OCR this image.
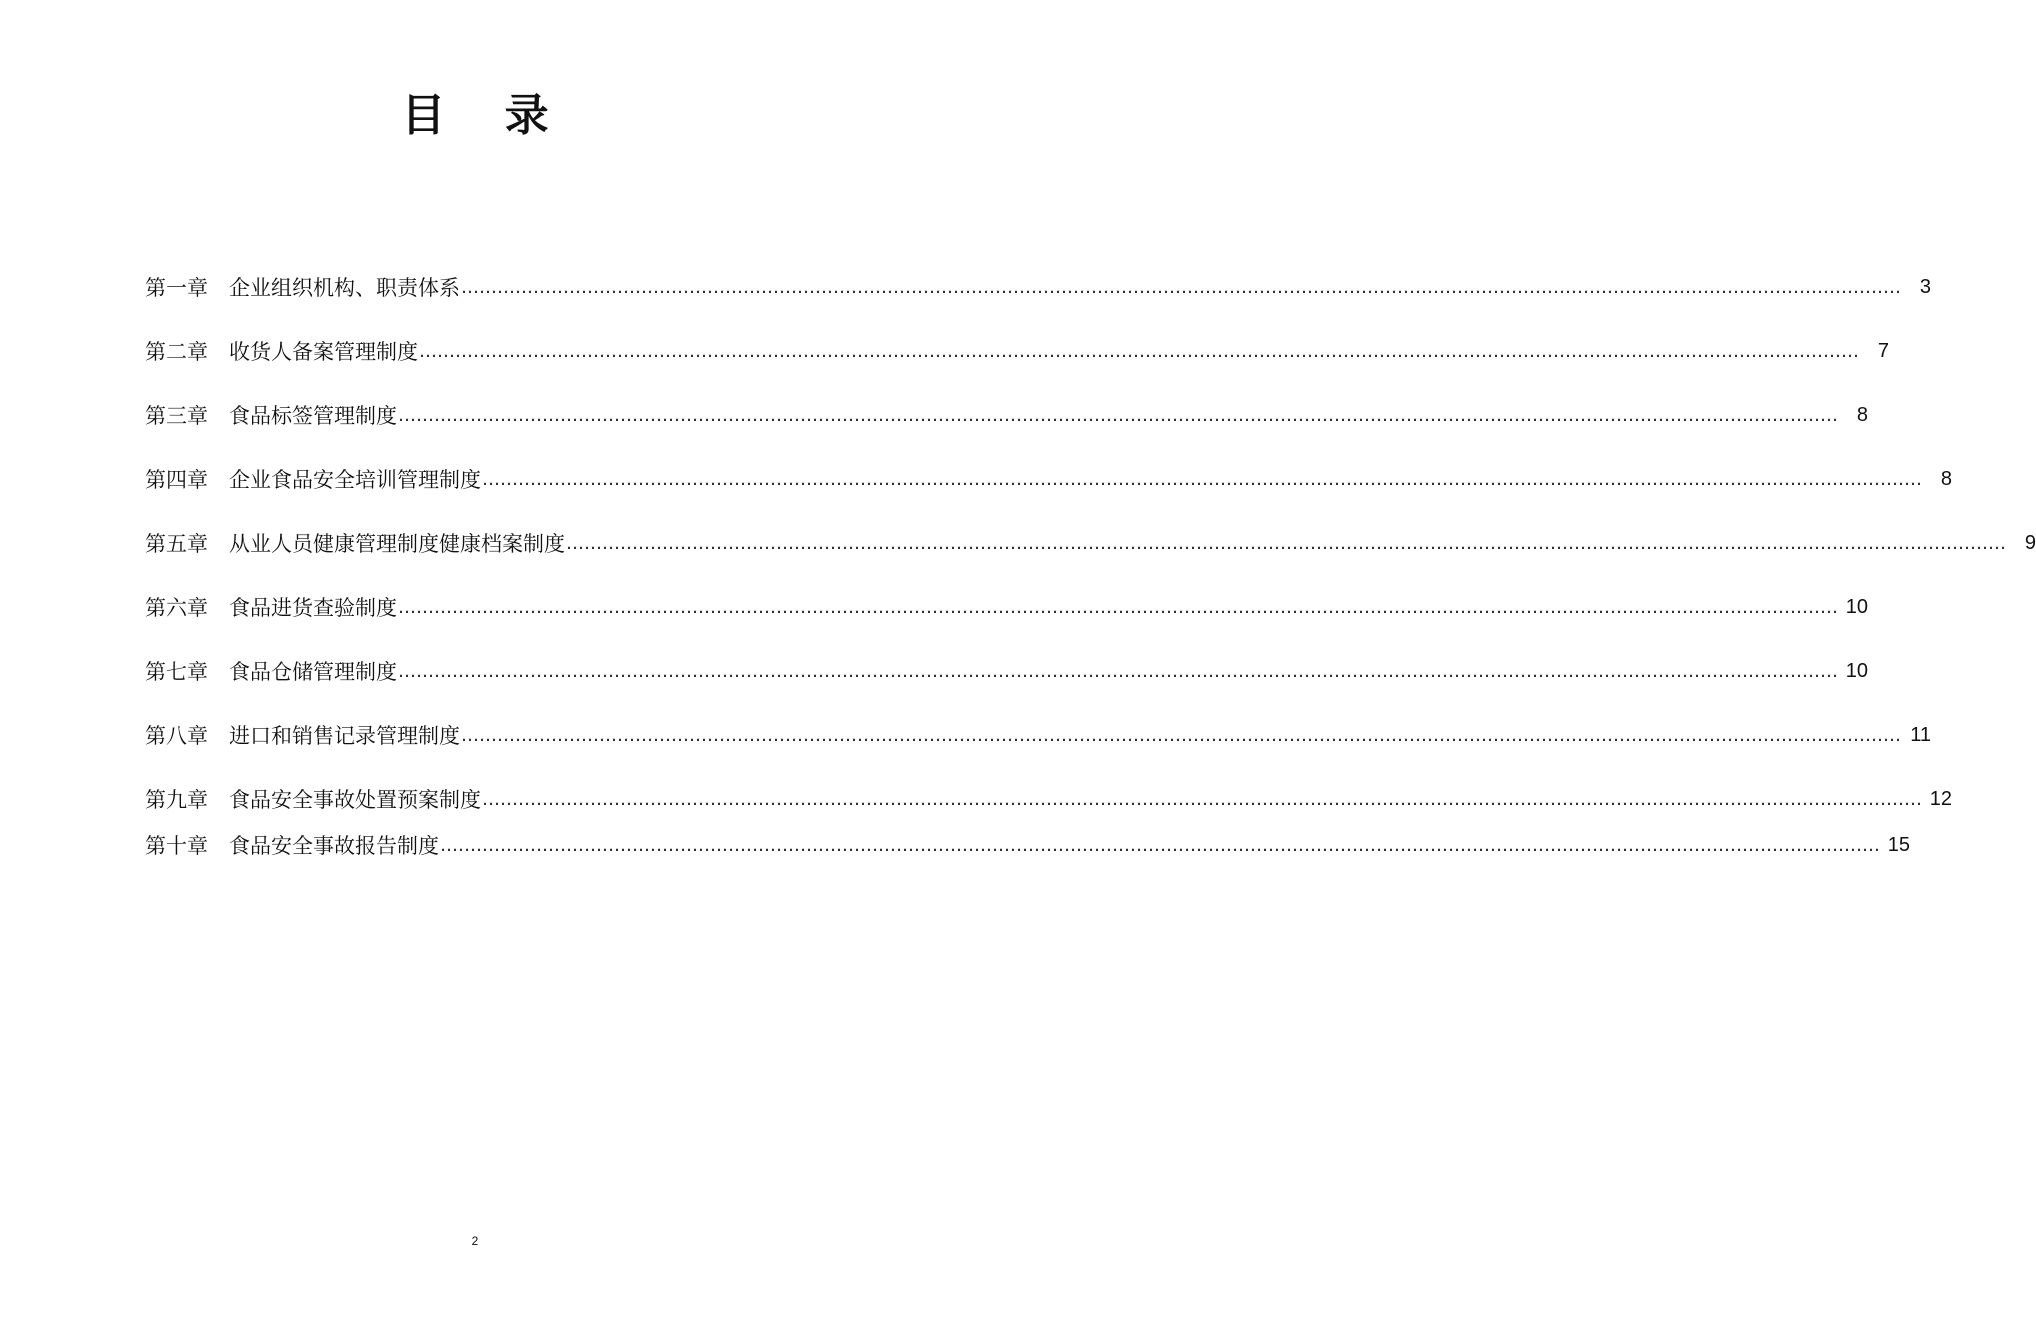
目 录
第一章	企业组织机构、职责体系 …………………………………………………………………………………………………………………………………………………………………………………………………………………… 3
第二章	收货人备案管理制度 …………………………………………………………………………………………………………………………………………………………………………………………………………………… 7
第三章	食品标签管理制度 …………………………………………………………………………………………………………………………………………………………………………………………………………………… 8
第四章	企业食品安全培训管理制度 …………………………………………………………………………………………………………………………………………………………………………………………………………………… 8
第五章	从业人员健康管理制度健康档案制度 …………………………………………………………………………………………………………………………………………………………………………………………………………………… 9
第六章	食品进货查验制度 …………………………………………………………………………………………………………………………………………………………………………………………………………………… 10
第七章	食品仓储管理制度 …………………………………………………………………………………………………………………………………………………………………………………………………………………… 10
第八章	进口和销售记录管理制度 …………………………………………………………………………………………………………………………………………………………………………………………………………………… 11
第九章	食品安全事故处置预案制度 …………………………………………………………………………………………………………………………………………………………………………………………………………………… 12
第十章	食品安全事故报告制度 …………………………………………………………………………………………………………………………………………………………………………………………………………………… 15
2
